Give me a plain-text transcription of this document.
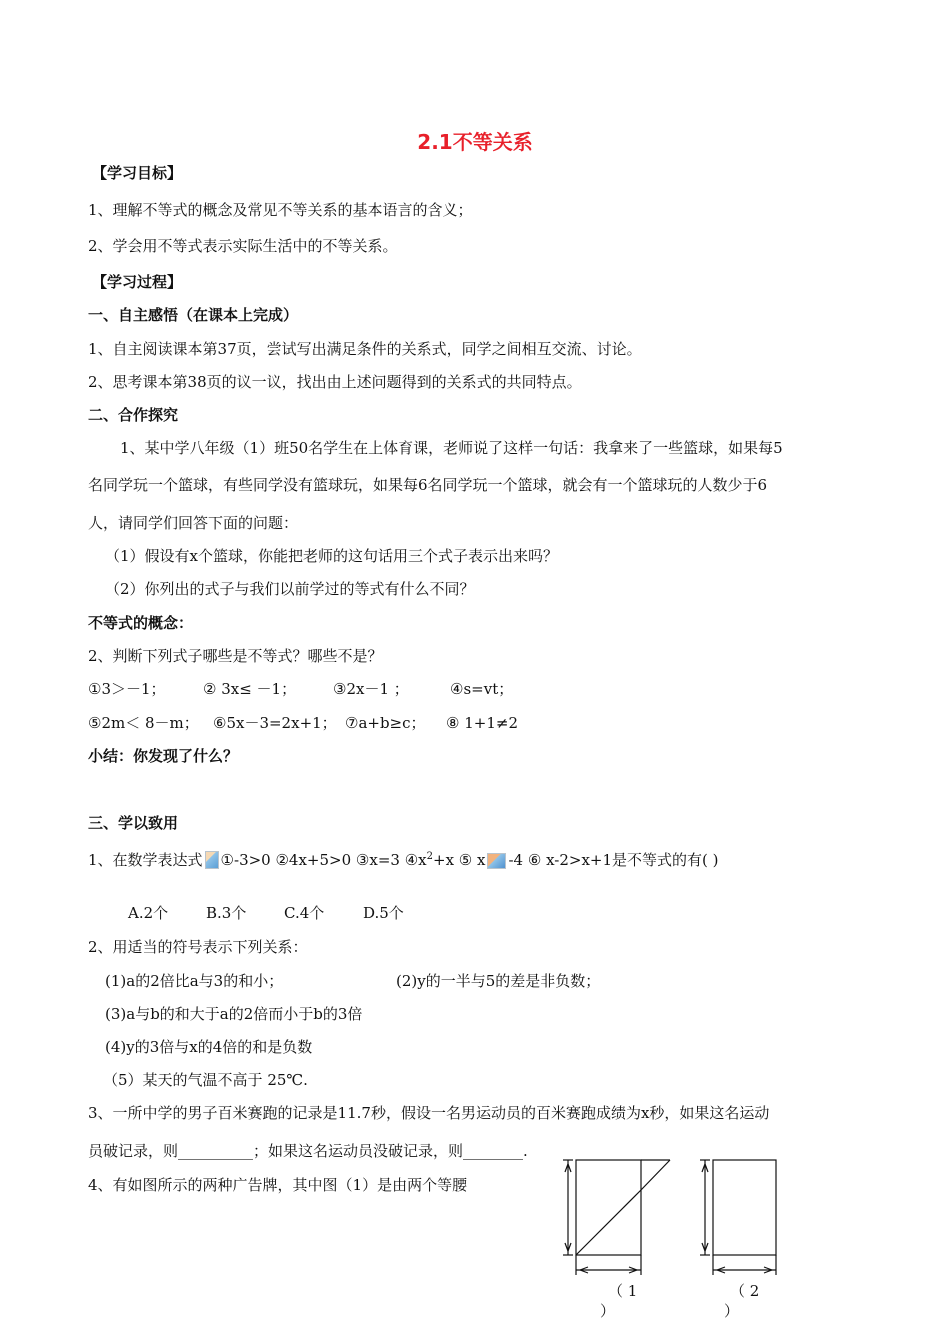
2.1不等关系
【学习目标】
1、理解不等式的概念及常见不等关系的基本语言的含义；
2、学会用不等式表示实际生活中的不等关系。
【学习过程】
一、自主感悟（在课本上完成）
1、自主阅读课本第37页，尝试写出满足条件的关系式，同学之间相互交流、讨论。
2、思考课本第38页的议一议，找出由上述问题得到的关系式的共同特点。
二、合作探究
1、某中学八年级（1）班50名学生在上体育课，老师说了这样一句话：我拿来了一些篮球，如果每5
名同学玩一个篮球，有些同学没有篮球玩，如果每6名同学玩一个篮球，就会有一个篮球玩的人数少于6
人，请同学们回答下面的问题：
（1）假设有x个篮球，你能把老师的这句话用三个式子表示出来吗？
（2）你列出的式子与我们以前学过的等式有什么不同？
不等式的概念：
2、判断下列式子哪些是不等式？哪些不是？
①3＞－1； ② 3x≤ －1； ③2x－1 ；	④s=vt；
⑤2m＜ 8－m； ⑥5x－3=2x+1； ⑦a+b≥c； ⑧ 1+1≠2
小结：你发现了什么？
三、学以致用
1、在数学表达式 ①-3>0 ②4x+5>0 ③x=3 $④x^2+x$ ⑤ x -4 ⑥ x-2>x+1是不等式的有( )
A.2个	B.3个	C.4个	D.5个
2、用适当的符号表示下列关系：
(1)a的2倍比a与3的和小；	(2)y的一半与5的差是非负数；
(3)a与b的和大于a的2倍而小于b的3倍
(4)y的3倍与x的4倍的和是负数
（5）某天的气温不高于 25℃.
3、一所中学的男子百米赛跑的记录是11.7秒，假设一名男运动员的百米赛跑成绩为x秒，如果这名运动
员破记录，则__________；如果这名运动员没破记录，则________.
4、有如图所示的两种广告牌，其中图（1）是由两个等腰
（ 1
）
（ 2
）
